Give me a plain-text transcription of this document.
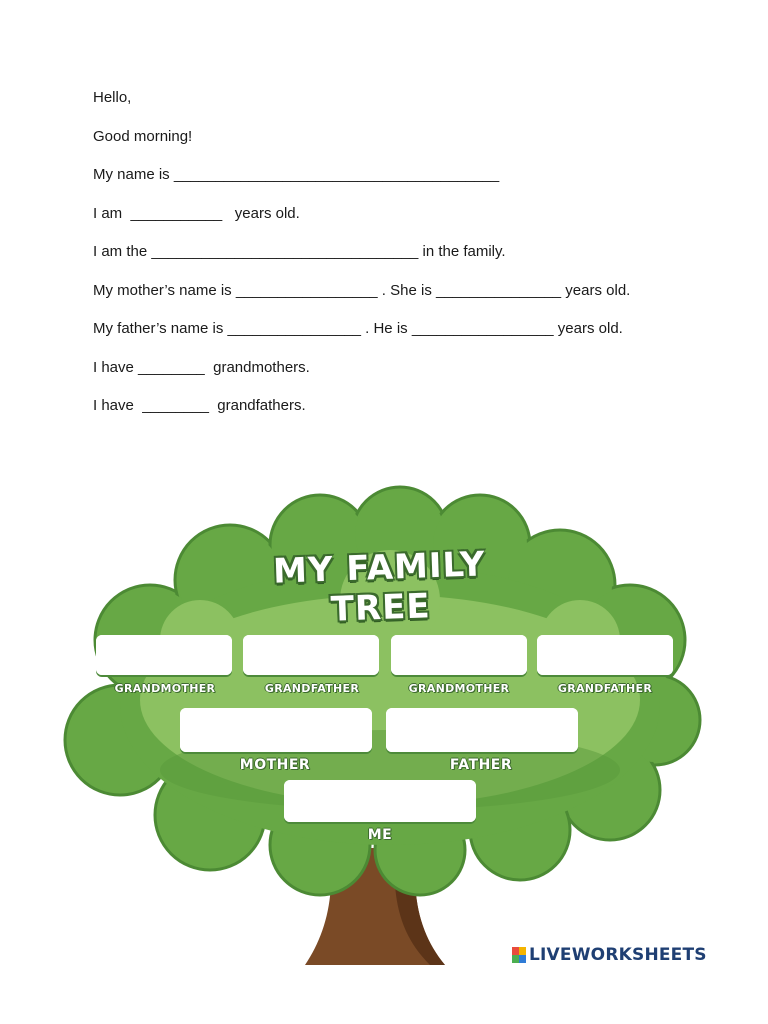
Hello,
Good morning!
My name is _______________________________________
I am  ___________   years old.
I am the ________________________________ in the family.
My mother’s name is _________________ . She is _______________ years old.
My father’s name is ________________ . He is _________________ years old.
I have ________  grandmothers.
I have  ________  grandfathers.
MY FAMILY TREE
GRANDMOTHER	GRANDFATHER	GRANDMOTHER	GRANDFATHER
MOTHER	FATHER
ME
LIVEWORKSHEETS
